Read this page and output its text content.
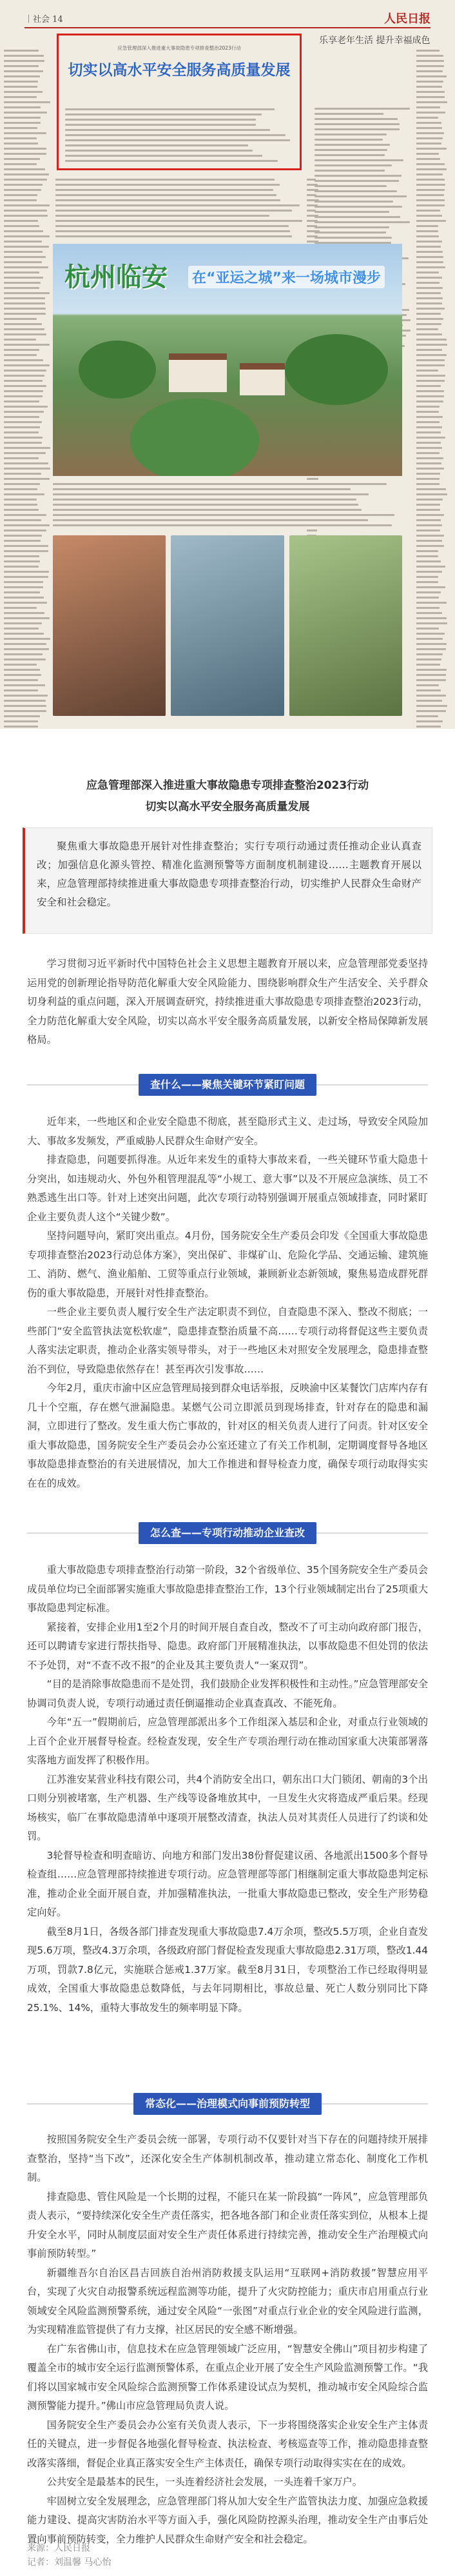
｜社会 14	人民日报
应急管理部深入推进重大事故隐患专项排查整治2023行动
切实以高水平安全服务高质量发展
乐享老年生活 提升幸福成色
杭州临安 在“亚运之城”来一场城市漫步
应急管理部深入推进重大事故隐患专项排查整治2023行动
切实以高水平安全服务高质量发展

聚焦重大事故隐患开展针对性排查整治；实行专项行动通过责任推动企业认真查改；加强信息化源头管控、精准化监测预警等方面制度机制建设……主题教育开展以来，应急管理部持续推进重大事故隐患专项排查整治行动，切实维护人民群众生命财产安全和社会稳定。

学习贯彻习近平新时代中国特色社会主义思想主题教育开展以来，应急管理部党委坚持运用党的创新理论指导防范化解重大安全风险能力、围绕影响群众生产生活安全、关乎群众切身利益的重点问题，深入开展调查研究，持续推进重大事故隐患专项排查整治2023行动，全力防范化解重大安全风险，切实以高水平安全服务高质量发展，以新安全格局保障新发展格局。

查什么——聚焦关键环节紧盯问题

近年来，一些地区和企业安全隐患不彻底，甚至隐形式主义、走过场，导致安全风险加大、事故多发频发，严重威胁人民群众生命财产安全。

排查隐患，问题要抓得准。从近年来发生的重特大事故来看，一些关键环节重大隐患十分突出，如违规动火、外包外租管理混乱等“小规工、意大事”以及不开展应急演练、员工不熟悉逃生出口等。针对上述突出问题，此次专项行动特别强调开展重点领域排查，同时紧盯企业主要负责人这个“关键少数”。

坚持问题导向，紧盯突出重点。4月份，国务院安全生产委员会印发《全国重大事故隐患专项排查整治2023行动总体方案》，突出保矿、非煤矿山、危险化学品、交通运输、建筑施工、消防、燃气、渔业船舶、工贸等重点行业领域，兼顾新业态新领域，聚焦易造成群死群伤的重大事故隐患，开展针对性排查整治。

一些企业主要负责人履行安全生产法定职责不到位，自查隐患不深入、整改不彻底；一些部门“安全监管执法宽松软虚”，隐患排查整治质量不高……专项行动将督促这些主要负责人落实法定职责，推动企业落实领导带头，对于一些地区未对照安全发展理念，隐患排查整治不到位，导致隐患依然存在！甚至再次引发事故……

今年2月，重庆市渝中区应急管理局接到群众电话举报，反映渝中区某餐饮门店库内存有几十个空瓶，存在燃气泄漏隐患。某燃气公司立即派员到现场排查，针对存在的隐患和漏洞，立即进行了整改。发生重大伤亡事故的，针对区的相关负责人进行了问责。针对区安全重大事故隐患，国务院安全生产委员会办公室还建立了有关工作机制，定期调度督导各地区事故隐患排查整治的有关进展情况，加大工作推进和督导检查力度，确保专项行动取得实实在在的成效。

怎么查——专项行动推动企业查改

重大事故隐患专项排查整治行动第一阶段，32个省级单位、35个国务院安全生产委员会成员单位均已全面部署实施重大事故隐患排查整治工作，13个行业领域制定出台了25项重大事故隐患判定标准。

紧接着，安排企业用1至2个月的时间开展自查自改，整改不了可主动向政府部门报告，还可以聘请专家进行帮扶指导、隐患。政府部门开展精准执法，以事故隐患不但处罚的依法不予处罚，对“不查不改不报”的企业及其主要负责人“一案双罚”。

“目的是消除事故隐患而不是处罚，我们鼓励企业发挥积极性和主动性。”应急管理部安全协调司负责人说，专项行动通过责任倒逼推动企业真查真改、不能死角。

今年“五一”假期前后，应急管理部派出多个工作组深入基层和企业，对重点行业领域的上百个企业开展督导检查。经检查发现，安全生产专项治理行动在推动国家重大决策部署落实落地方面发挥了积极作用。

江苏淮安某营业科技有限公司，共4个消防安全出口，朝东出口大门锁闭、朝南的3个出口则分别被堵塞，生产机器、生产线等设备堆放其中，一旦发生火灾将造成严重后果。经现场核实，临厂在事故隐患清单中逐项开展整改清查，执法人员对其责任人员进行了约谈和处罚。

3轮督导检查和明查暗访、向地方和部门发出38份督促建议函、各地派出1500多个督导检查组……应急管理部持续推进专项行动。应急管理部等部门相继制定重大事故隐患判定标准，推动企业全面开展自查，并加强精准执法，一批重大事故隐患已整改，安全生产形势稳定向好。

截至8月1日，各级各部门排查发现重大事故隐患7.4万余项，整改5.5万项，企业自查发现5.6万项，整改4.3万余项，各级政府部门督促检查发现重大事故隐患2.31万项，整改1.44万项，罚款7.8亿元，实施联合惩戒1.37万家。截至8月31日，专项整治工作已经取得明显成效，全国重大事故隐患总数降低，与去年同期相比，事故总量、死亡人数分别同比下降25.1%、14%，重特大事故发生的频率明显下降。

常态化——治理模式向事前预防转型

按照国务院安全生产委员会统一部署，专项行动不仅要针对当下存在的问题持续开展排查整治，坚持“当下改”，还深化安全生产体制机制改革，推动建立常态化、制度化工作机制。

排查隐患、管住风险是一个长期的过程，不能只在某一阶段搞“一阵风”，应急管理部负责人表示，“要持续深化安全生产责任落实，把各地各部门和企业责任落实到位，从根本上提升安全水平，同时从制度层面对安全生产责任体系进行持续完善，推动安全生产治理模式向事前预防转型。”

新疆维吾尔自治区昌吉回族自治州消防救援支队运用“互联网+消防救援”智慧应用平台，实现了火灾自动报警系统远程监测等功能，提升了火灾防控能力；重庆市启用重点行业领域安全风险监测预警系统，通过安全风险“一张图”对重点行业企业的安全风险进行监测，为实现精准监管提供了有力支撑，社区居民的安全感不断增强。

在广东省佛山市，信息技术在应急管理领域广泛应用，“智慧安全佛山”项目初步构建了覆盖全市的城市安全运行监测预警体系，在重点企业开展了安全生产风险监测预警工作。“我们将以国家城市安全风险综合监测预警工作体系建设试点为契机，推动城市安全风险综合监测预警能力提升。”佛山市应急管理局负责人说。

国务院安全生产委员会办公室有关负责人表示，下一步将围绕落实企业安全生产主体责任的关键点，进一步督促各地强化督导检查、执法检查、考核巡查等工作，推动隐患排查整改落实落细，督促企业真正落实安全生产主体责任，确保专项行动取得实实在在的成效。

公共安全是最基本的民生，一头连着经济社会发展，一头连着千家万户。

牢固树立安全发展理念，应急管理部门将从加大安全生产监管执法力度、加强应急救援能力建设、提高灾害防治水平等方面入手，强化风险防控源头治理，推动安全生产由事后处置向事前预防转变，全力维护人民群众生命财产安全和社会稳定。

来源：人民日报
记者：刘温馨 马心怡
